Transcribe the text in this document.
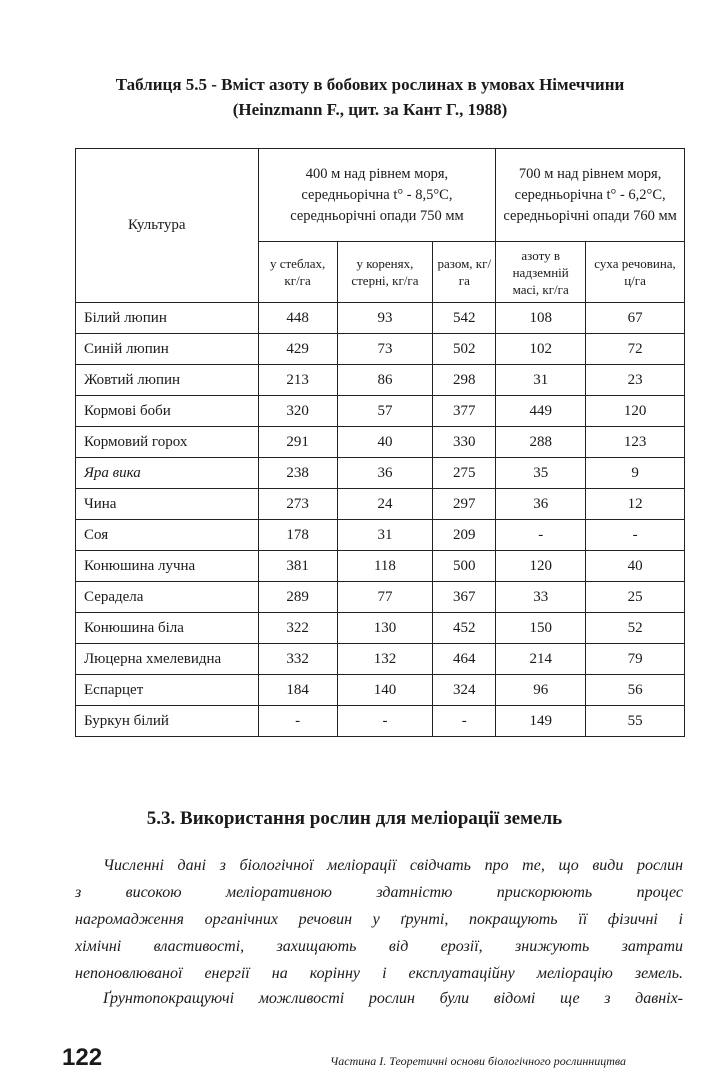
Таблиця 5.5 - Вміст азоту в бобових рослинах в умовах Німеччини
(Heinzmann F., цит. за Кант Г., 1988)
Культура	400 м над рівнем моря, середньорічна t° - 8,5°С, середньорічні опади 750 мм			700 м над рівнем моря, середньорічна t° - 6,2°С, середньорічні опади 760 мм	
	у стеблах, кг/га	у коренях, стерні, кг/га	разом, кг/га	азоту в надземній масі, кг/га	суха речовина, ц/га
Білий люпин	448	93	542	108	67
Синій люпин	429	73	502	102	72
Жовтий люпин	213	86	298	31	23
Кормові боби	320	57	377	449	120
Кормовий горох	291	40	330	288	123
Яра вика	238	36	275	35	9
Чина	273	24	297	36	12
Соя	178	31	209	-	-
Конюшина лучна	381	118	500	120	40
Серадела	289	77	367	33	25
Конюшина біла	322	130	452	150	52
Люцерна хмелевидна	332	132	464	214	79
Еспарцет	184	140	324	96	56
Буркун білий	-	-	-	149	55
5.3. Використання рослин для меліорації земель
Численні дані з біологічної меліорації свідчать про те, що види рослин
з високою меліоративною здатністю прискорюють процес
нагромадження органічних речовин у ґрунті, покращують її фізичні і
хімічні властивості, захищають від ерозії, знижують затрати
непоновлюваної енергії на корінну і експлуатаційну меліорацію земель.
Ґрунтопокращуючі можливості рослин були відомі ще з давніх-
122	Частина І. Теоретичні основи біологічного рослинництва
